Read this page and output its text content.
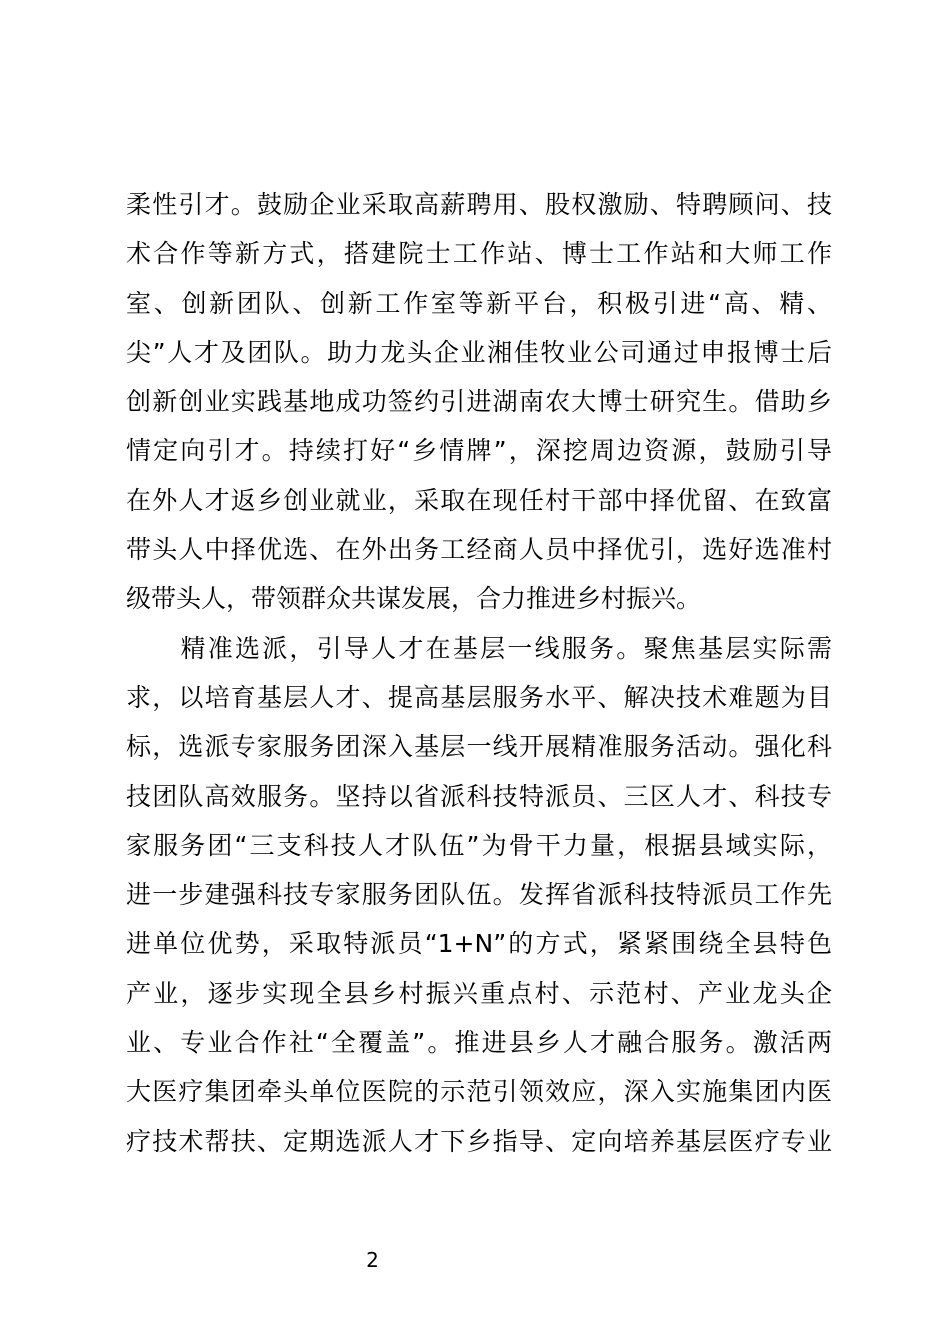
柔性引才。鼓励企业采取高薪聘用、股权激励、特聘顾问、技
术合作等新方式，搭建院士工作站、博士工作站和大师工作
室、创新团队、创新工作室等新平台，积极引进“高、精、
尖”人才及团队。助力龙头企业湘佳牧业公司通过申报博士后
创新创业实践基地成功签约引进湖南农大博士研究生。借助乡
情定向引才。持续打好“乡情牌”，深挖周边资源，鼓励引导
在外人才返乡创业就业，采取在现任村干部中择优留、在致富
带头人中择优选、在外出务工经商人员中择优引，选好选准村
级带头人，带领群众共谋发展，合力推进乡村振兴。
　　精准选派，引导人才在基层一线服务。聚焦基层实际需
求，以培育基层人才、提高基层服务水平、解决技术难题为目
标，选派专家服务团深入基层一线开展精准服务活动。强化科
技团队高效服务。坚持以省派科技特派员、三区人才、科技专
家服务团“三支科技人才队伍”为骨干力量，根据县域实际，
进一步建强科技专家服务团队伍。发挥省派科技特派员工作先
进单位优势，采取特派员“1+N”的方式，紧紧围绕全县特色
产业，逐步实现全县乡村振兴重点村、示范村、产业龙头企
业、专业合作社“全覆盖”。推进县乡人才融合服务。激活两
大医疗集团牵头单位医院的示范引领效应，深入实施集团内医
疗技术帮扶、定期选派人才下乡指导、定向培养基层医疗专业
2
